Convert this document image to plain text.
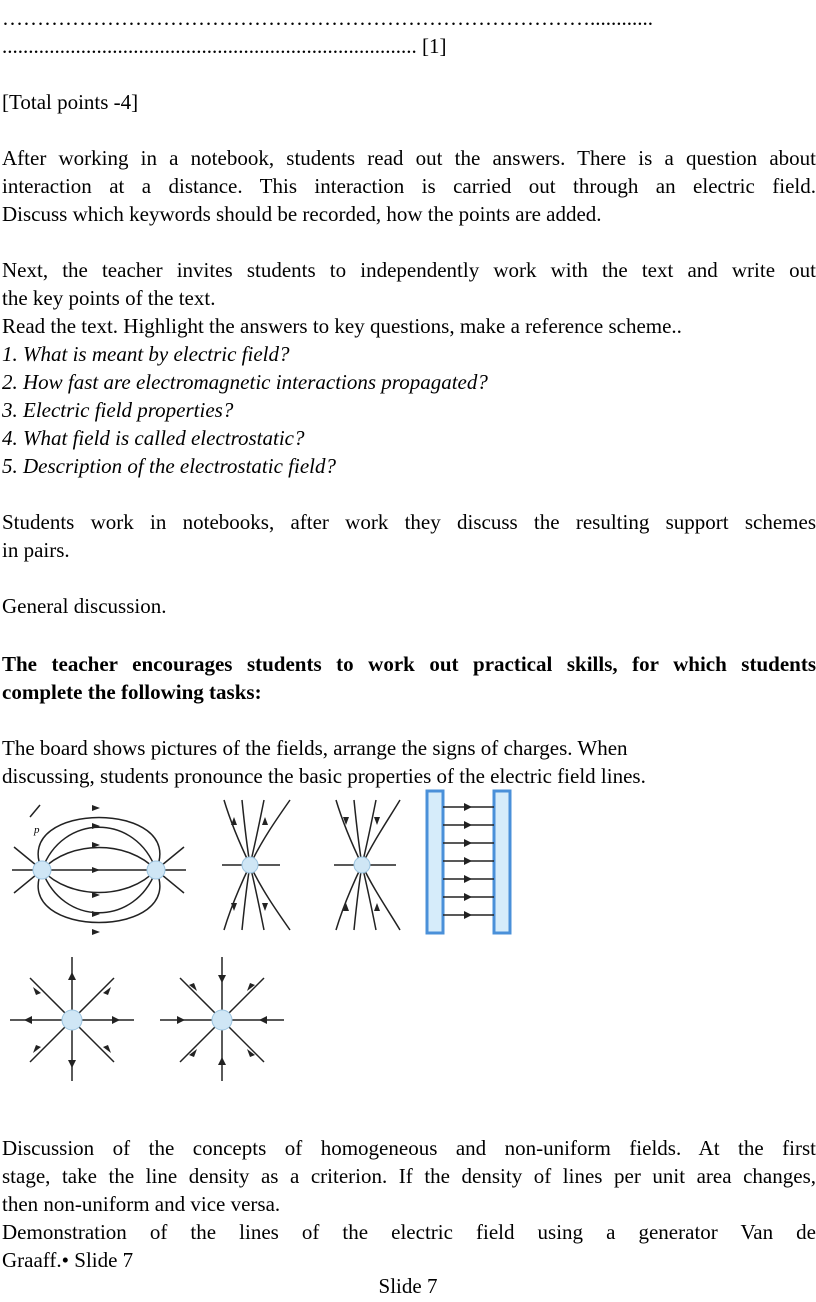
…………………………………………………………………………............
............................................................................... [1]
[Total points -4]
After working in a notebook, students read out the answers. There is a question about
interaction at a distance. This interaction is carried out through an electric field.
Discuss which keywords should be recorded, how the points are added.
Next, the teacher invites students to independently work with the text and write out
the key points of the text.
Read the text. Highlight the answers to key questions, make a reference scheme..
1. What is meant by electric field?
2. How fast are electromagnetic interactions propagated?
3. Electric field properties?
4. What field is called electrostatic?
5. Description of the electrostatic field?
Students work in notebooks, after work they discuss the resulting support schemes
in pairs.
General discussion.
The teacher encourages students to work out practical skills, for which students
complete the following tasks:
The board shows pictures of the fields, arrange the signs of charges. When
discussing, students pronounce the basic properties of the electric field lines.
p
Discussion of the concepts of homogeneous and non-uniform fields. At the first
stage, take the line density as a criterion. If the density of lines per unit area changes,
then non-uniform and vice versa.
Demonstration of the lines of the electric field using a generator Van de
Graaff.• Slide 7
Slide 7
